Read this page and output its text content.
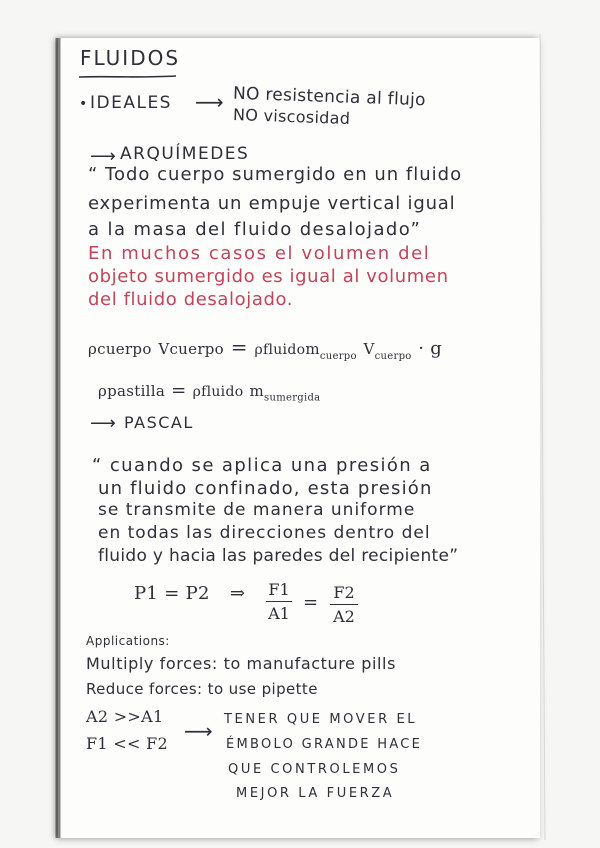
FLUIDOS
• IDEALES ⟶ NO resistencia al flujo
NO viscosidad
⟶ ARQUÍMEDES
“ Todo cuerpo sumergido en un fluido
experimenta un empuje vertical igual
a la masa del fluido desalojado”
En muchos casos el volumen del
objeto sumergido es igual al volumen
del fluido desalojado.
ρcuerpo Vcuerpo = ρfluidom$_{cuerpo}$ $V_{cuerpo} \cdot g$
ρpastilla = ρfluido $m_{sumergida}$
⟶ PASCAL
“ cuando se aplica una presión a
un fluido confinado, esta presión
se transmite de manera uniforme
en todas las direcciones dentro del
fluido y hacia las paredes del recipiente”
P1 = P2 ⇒ F1
A1
= F2
A2
Applications:
Multiply forces: to manufacture pills
Reduce forces: to use pipette
A2 >>A1
F1 << F2
⟶ TENER QUE MOVER EL
ÉMBOLO GRANDE HACE
QUE CONTROLEMOS
MEJOR LA FUERZA
